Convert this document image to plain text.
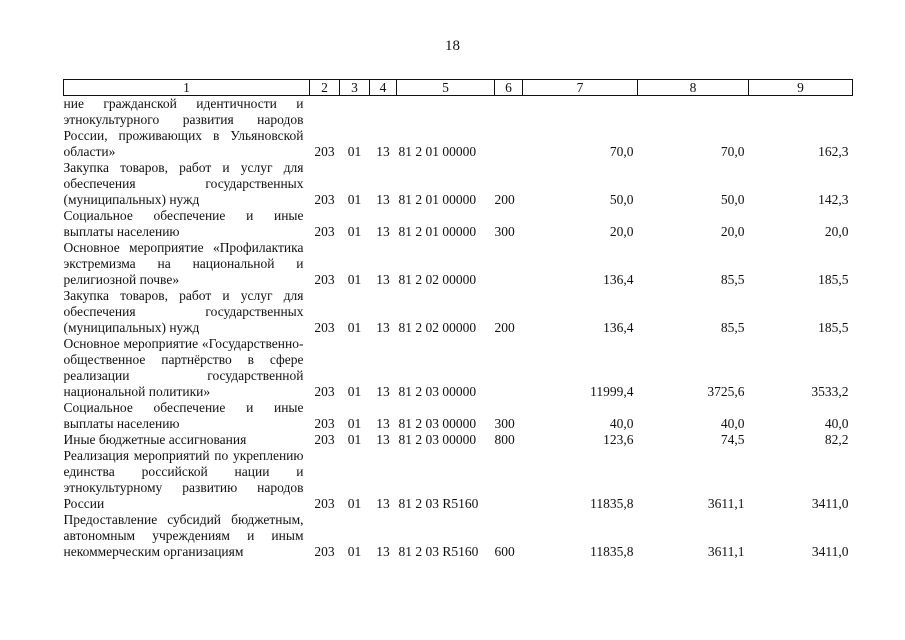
18
1	2	3	4	5	6	7	8	9
ние гражданской идентичности и этнокультурного развития народов России, проживающих в Ульяновской области»	203	01	13	81 2 01 00000		70,0	70,0	162,3
Закупка товаров, работ и услуг для обеспечения государственных (муниципальных) нужд	203	01	13	81 2 01 00000	200	50,0	50,0	142,3
Социальное обеспечение и иные выплаты населению	203	01	13	81 2 01 00000	300	20,0	20,0	20,0
Основное мероприятие «Профилактика экстремизма на национальной и религиозной почве»	203	01	13	81 2 02 00000		136,4	85,5	185,5
Закупка товаров, работ и услуг для обеспечения государственных (муниципальных) нужд	203	01	13	81 2 02 00000	200	136,4	85,5	185,5
Основное мероприятие «Государственно-общественное партнёрство в сфере реализации государственной национальной политики»	203	01	13	81 2 03 00000		11999,4	3725,6	3533,2
Социальное обеспечение и иные выплаты населению	203	01	13	81 2 03 00000	300	40,0	40,0	40,0
Иные бюджетные ассигнования	203	01	13	81 2 03 00000	800	123,6	74,5	82,2
Реализация мероприятий по укреплению единства российской нации и этнокультурному развитию народов России	203	01	13	81 2 03 R5160		11835,8	3611,1	3411,0
Предоставление субсидий бюджетным, автономным учреждениям и иным некоммерческим организациям	203	01	13	81 2 03 R5160	600	11835,8	3611,1	3411,0
